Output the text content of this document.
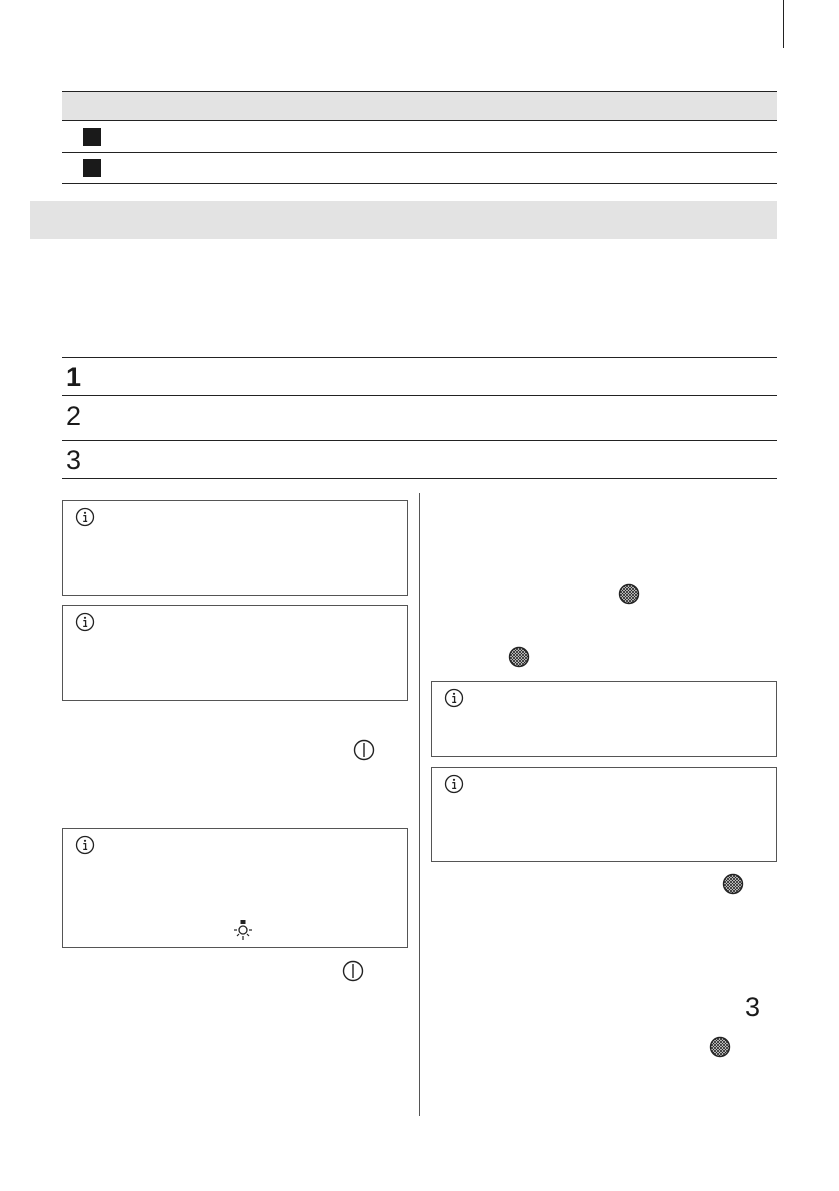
1
2
3
3
